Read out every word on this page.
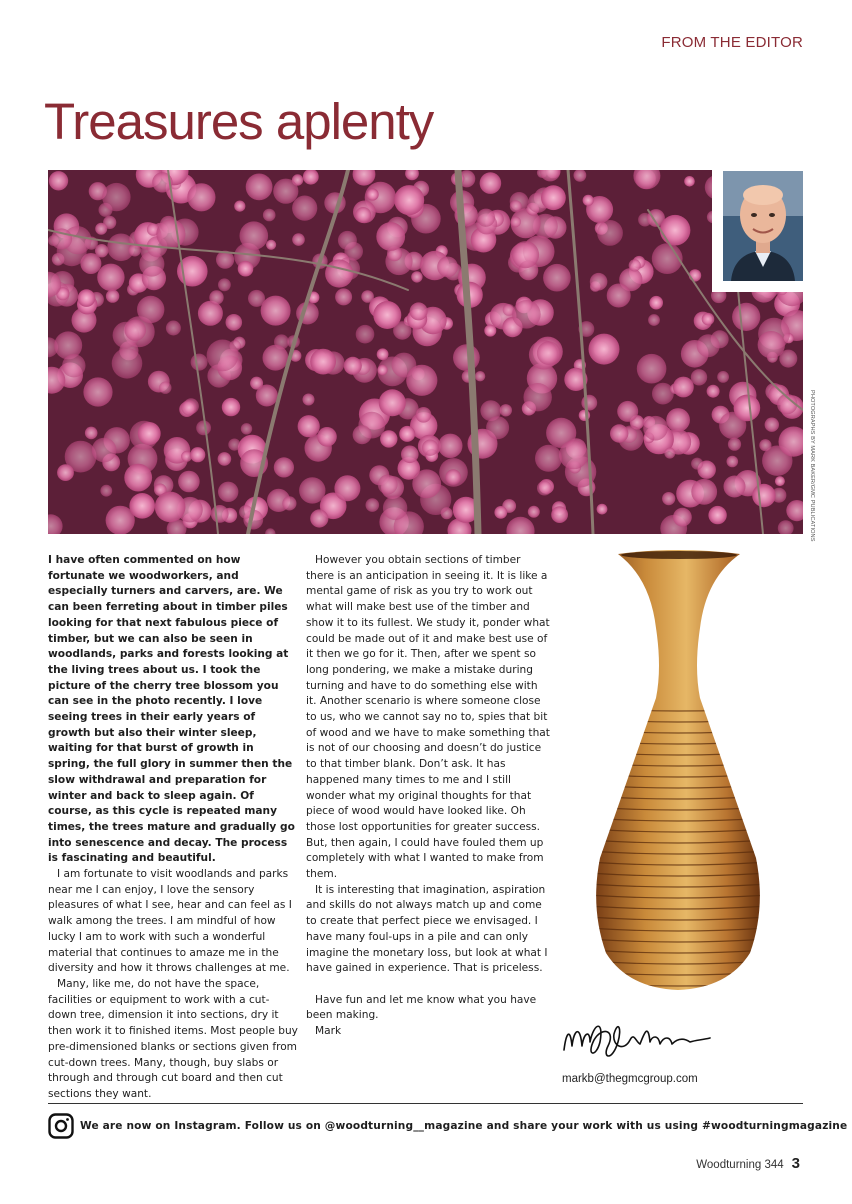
FROM THE EDITOR
Treasures aplenty
PHOTOGRAPHS BY MARK BAKER/GMC PUBLICATIONS

I have often commented on how fortunate we woodworkers, and especially turners and carvers, are. We can been ferreting about in timber piles looking for that next fabulous piece of timber, but we can also be seen in woodlands, parks and forests looking at the living trees about us. I took the picture of the cherry tree blossom you can see in the photo recently. I love seeing trees in their early years of growth but also their winter sleep, waiting for that burst of growth in spring, the full glory in summer then the slow withdrawal and preparation for winter and back to sleep again. Of course, as this cycle is repeated many times, the trees mature and gradually go into senescence and decay. The process is fascinating and beautiful.

I am fortunate to visit woodlands and parks near me I can enjoy, I love the sensory pleasures of what I see, hear and can feel as I walk among the trees. I am mindful of how lucky I am to work with such a wonderful material that continues to amaze me in the diversity and how it throws challenges at me.

Many, like me, do not have the space, facilities or equipment to work with a cut-down tree, dimension it into sections, dry it then work it to finished items. Most people buy pre-dimensioned blanks or sections given from cut-down trees. Many, though, buy slabs or through and through cut board and then cut sections they want.

However you obtain sections of timber there is an anticipation in seeing it. It is like a mental game of risk as you try to work out what will make best use of the timber and show it to its fullest. We study it, ponder what could be made out of it and make best use of it then we go for it. Then, after we spent so long pondering, we make a mistake during turning and have to do something else with it. Another scenario is where someone close to us, who we cannot say no to, spies that bit of wood and we have to make something that is not of our choosing and doesn’t do justice to that timber blank. Don’t ask. It has happened many times to me and I still wonder what my original thoughts for that piece of wood would have looked like. Oh those lost opportunities for greater success. But, then again, I could have fouled them up completely with what I wanted to make from them.

It is interesting that imagination, aspiration and skills do not always match up and come to create that perfect piece we envisaged. I have many foul-ups in a pile and can only imagine the monetary loss, but look at what I have gained in experience. That is priceless.

Have fun and let me know what you have been making.

Mark

markb@thegmcgroup.com
We are now on Instagram. Follow us on @woodturning__magazine and share your work with us using #woodturningmagazine
Woodturning 344 3
